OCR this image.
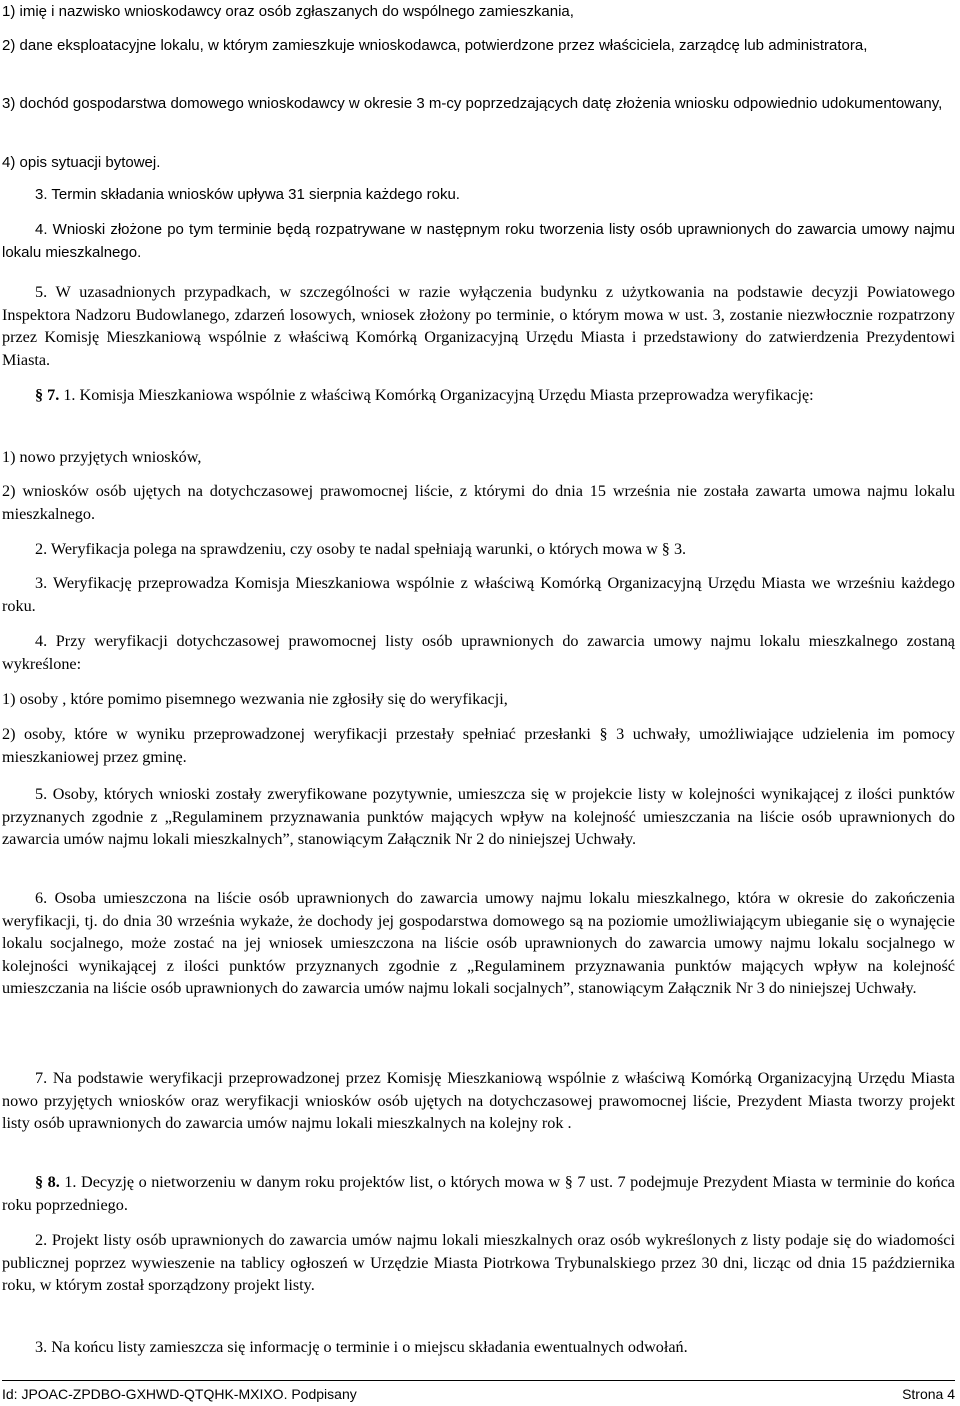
1) imię i nazwisko wnioskodawcy oraz osób zgłaszanych do wspólnego zamieszkania,

2) dane eksploatacyjne lokalu, w którym zamieszkuje wnioskodawca, potwierdzone przez właściciela, zarządcę lub administratora,

3) dochód gospodarstwa domowego wnioskodawcy w okresie 3 m-cy poprzedzających datę złożenia wniosku odpowiednio udokumentowany,

4) opis sytuacji bytowej.

3. Termin składania wniosków upływa 31 sierpnia każdego roku.

4. Wnioski złożone po tym terminie będą rozpatrywane w następnym roku tworzenia listy osób uprawnionych do zawarcia umowy najmu lokalu mieszkalnego.

5. W uzasadnionych przypadkach, w szczególności w razie wyłączenia budynku z użytkowania na podstawie decyzji Powiatowego Inspektora Nadzoru Budowlanego, zdarzeń losowych, wniosek złożony po terminie, o którym mowa w ust. 3, zostanie niezwłocznie rozpatrzony przez Komisję Mieszkaniową wspólnie z właściwą Komórką Organizacyjną Urzędu Miasta i przedstawiony do zatwierdzenia Prezydentowi Miasta.

§ 7. 1. Komisja Mieszkaniowa wspólnie z właściwą Komórką Organizacyjną Urzędu Miasta przeprowadza weryfikację:

1) nowo przyjętych wniosków,

2) wniosków osób ujętych na dotychczasowej prawomocnej liście, z którymi do dnia 15 września nie została zawarta umowa najmu lokalu mieszkalnego.

2. Weryfikacja polega na sprawdzeniu, czy osoby te nadal spełniają warunki, o których mowa w § 3.

3. Weryfikację przeprowadza Komisja Mieszkaniowa wspólnie z właściwą Komórką Organizacyjną Urzędu Miasta we wrześniu każdego roku.

4. Przy weryfikacji dotychczasowej prawomocnej listy osób uprawnionych do zawarcia umowy najmu lokalu mieszkalnego zostaną wykreślone:

1) osoby , które pomimo pisemnego wezwania nie zgłosiły się do weryfikacji,

2) osoby, które w wyniku przeprowadzonej weryfikacji przestały spełniać przesłanki § 3 uchwały, umożliwiające udzielenia im pomocy mieszkaniowej przez gminę.

5. Osoby, których wnioski zostały zweryfikowane pozytywnie, umieszcza się w projekcie listy w kolejności wynikającej z ilości punktów przyznanych zgodnie z „Regulaminem przyznawania punktów mających wpływ na kolejność umieszczania na liście osób uprawnionych do zawarcia umów najmu lokali mieszkalnych”, stanowiącym Załącznik Nr 2 do niniejszej Uchwały.

6. Osoba umieszczona na liście osób uprawnionych do zawarcia umowy najmu lokalu mieszkalnego, która w okresie do zakończenia weryfikacji, tj. do dnia 30 września wykaże, że dochody jej gospodarstwa domowego są na poziomie umożliwiającym ubieganie się o wynajęcie lokalu socjalnego, może zostać na jej wniosek umieszczona na liście osób uprawnionych do zawarcia umowy najmu lokalu socjalnego w kolejności wynikającej z ilości punktów przyznanych zgodnie z „Regulaminem przyznawania punktów mających wpływ na kolejność umieszczania na liście osób uprawnionych do zawarcia umów najmu lokali socjalnych”, stanowiącym Załącznik Nr 3 do niniejszej Uchwały.

7. Na podstawie weryfikacji przeprowadzonej przez Komisję Mieszkaniową wspólnie z właściwą Komórką Organizacyjną Urzędu Miasta nowo przyjętych wniosków oraz weryfikacji wniosków osób ujętych na dotychczasowej prawomocnej liście, Prezydent Miasta tworzy projekt listy osób uprawnionych do zawarcia umów najmu lokali mieszkalnych na kolejny rok .

§ 8. 1. Decyzję o nietworzeniu w danym roku projektów list, o których mowa w § 7 ust. 7 podejmuje Prezydent Miasta w terminie do końca roku poprzedniego.

2. Projekt listy osób uprawnionych do zawarcia umów najmu lokali mieszkalnych oraz osób wykreślonych z listy podaje się do wiadomości publicznej poprzez wywieszenie na tablicy ogłoszeń w Urzędzie Miasta Piotrkowa Trybunalskiego przez 30 dni, licząc od dnia 15 października roku, w którym został sporządzony projekt listy.

3. Na końcu listy zamieszcza się informację o terminie i o miejscu składania ewentualnych odwołań.

Id: JPOAC-ZPDBO-GXHWD-QTQHK-MXIXO. Podpisany	Strona 4
